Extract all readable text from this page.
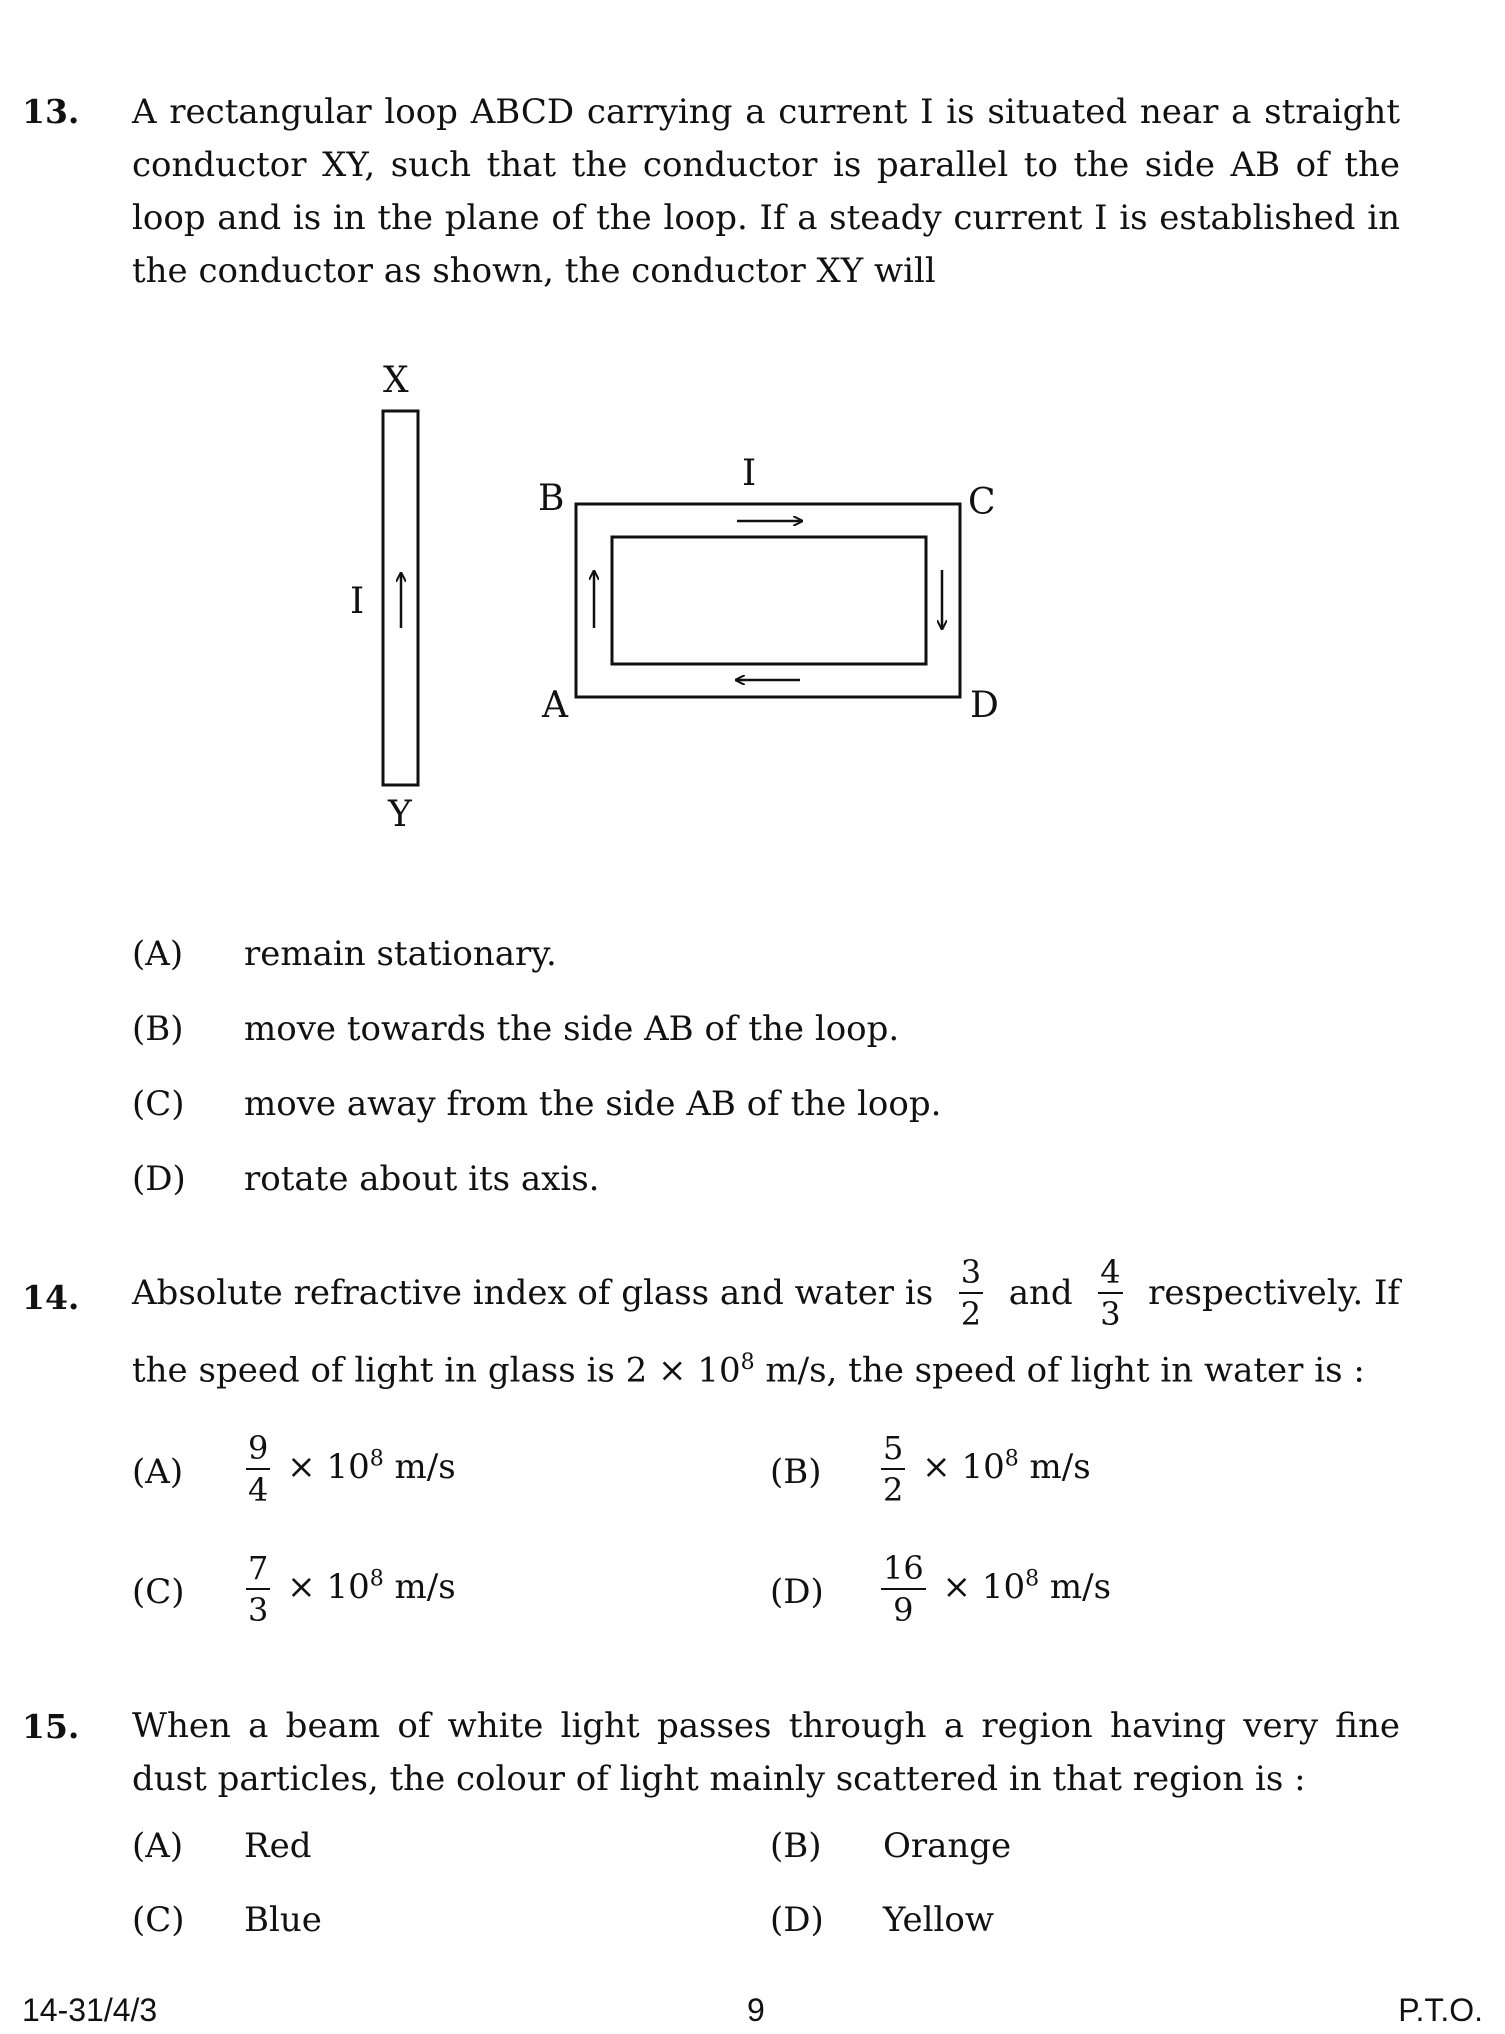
13. A rectangular loop ABCD carrying a current I is situated near a straight
conductor XY, such that the conductor is parallel to the side AB of the
loop and is in the plane of the loop. If a steady current I is established in
the conductor as shown, the conductor XY will
X
Y
I
B	C
A	D
I
(A) remain stationary.
(B) move towards the side AB of the loop.
(C) move away from the side AB of the loop.
(D) rotate about its axis.
14. Absolute refractive index of glass and water is $\frac{3}{2}$ and $\frac{4}{3}$ respectively. If
the speed of light in glass is $2 \times 10^8$ m/s, the speed of light in water is :
$(A) \frac{9}{4} \times 10^8$ m/s	$(B) \frac{5}{2} \times 10^8$ m/s
$(C) \frac{7}{3} \times 10^8$ m/s	$(D) \frac{16}{9} \times 10^8$ m/s
15. When a beam of white light passes through a region having very fine
dust particles, the colour of light mainly scattered in that region is :
(A) Red	(B) Orange
(C) Blue	(D) Yellow
14-31/4/3	9	P.T.O.
